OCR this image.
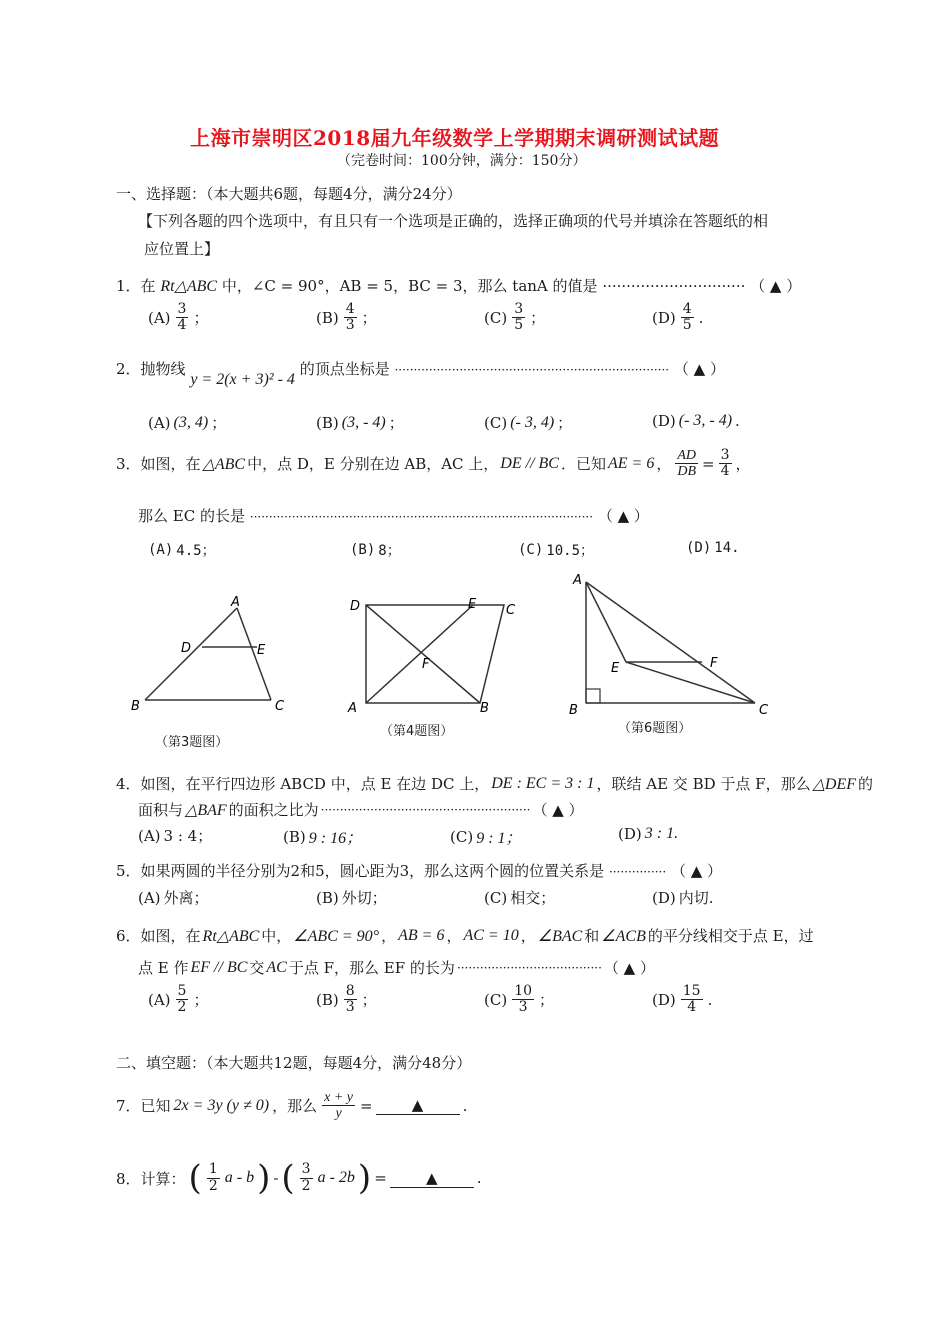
上海市崇明区2018届九年级数学上学期期末调研测试试题
（完卷时间：100分钟，满分：150分）
一、选择题：（本大题共6题，每题4分，满分24分）
【下列各题的四个选项中，有且只有一个选项是正确的，选择正确项的代号并填涂在答题纸的相
应位置上】
1．在 Rt△ABC 中，∠C = 90°，AB = 5，BC = 3，那么 tanA 的值是 ······························ （ ▲ ）
$(A) \frac{3}{4}$ ；	$(B) \frac{4}{3}$ ；	$(C) \frac{3}{5}$ ；	$(D) \frac{4}{5}$ .
2．抛物线 y = 2(x + 3)² - 4 的顶点坐标是 ········································································ （ ▲ ）
(A) (3, 4) ；	(B) (3, - 4) ；	(C) (- 3, 4) ；	(D) (- 3, - 4) .
3．如图，在 △ABC 中，点 D，E 分别在边 AB，AC 上， DE // BC ．已知 AE = 6 ， $\frac{AD}{DB} = \frac{3}{4}$ ，
那么 EC 的长是 ·························································································· （ ▲ ）
(A) 4.5；	(B) 8；	(C) 10.5；	(D) 14.
A
B	C
D	E
（第3题图）
D	E C
F
A	B
（第4题图）
A
B	C
E	F
（第6题图）
4．如图，在平行四边形 ABCD 中，点 E 在边 DC 上， DE : EC = 3 : 1 ，联结 AE 交 BD 于点 F，那么 △DEF 的
面积与 △BAF 的面积之比为 ······················································· （ ▲ ）
(A) 3 : 4；	(B) 9 : 16；	(C) 9 : 1；	(D) 3 : 1.
5．如果两圆的半径分别为2和5，圆心距为3，那么这两个圆的位置关系是 ··············· （ ▲ ）
(A) 外离；	(B) 外切；	(C) 相交；	(D) 内切.
6．如图，在 Rt△ABC 中， ∠ABC = 90° ， AB = 6 ， AC = 10 ， ∠BAC 和 ∠ACB 的平分线相交于点 E，过
点 E 作 EF // BC 交 AC 于点 F，那么 EF 的长为 ······································ （ ▲ ）
$(A) \frac{5}{2}$ ；	$(B) \frac{8}{3}$ ；	$(C) \frac{10}{3}$ ；	$(D) \frac{15}{4}$ .
二、填空题：（本大题共12题，每题4分，满分48分）
7．已知 2x = 3y (y ≠ 0) ，那么 $\frac{x + y}{y}$ =	▲	.
8．计算： ( $\frac{1}{2}$ a - b ) - ( $\frac{3}{2}$ a - 2b ) =	▲	.
